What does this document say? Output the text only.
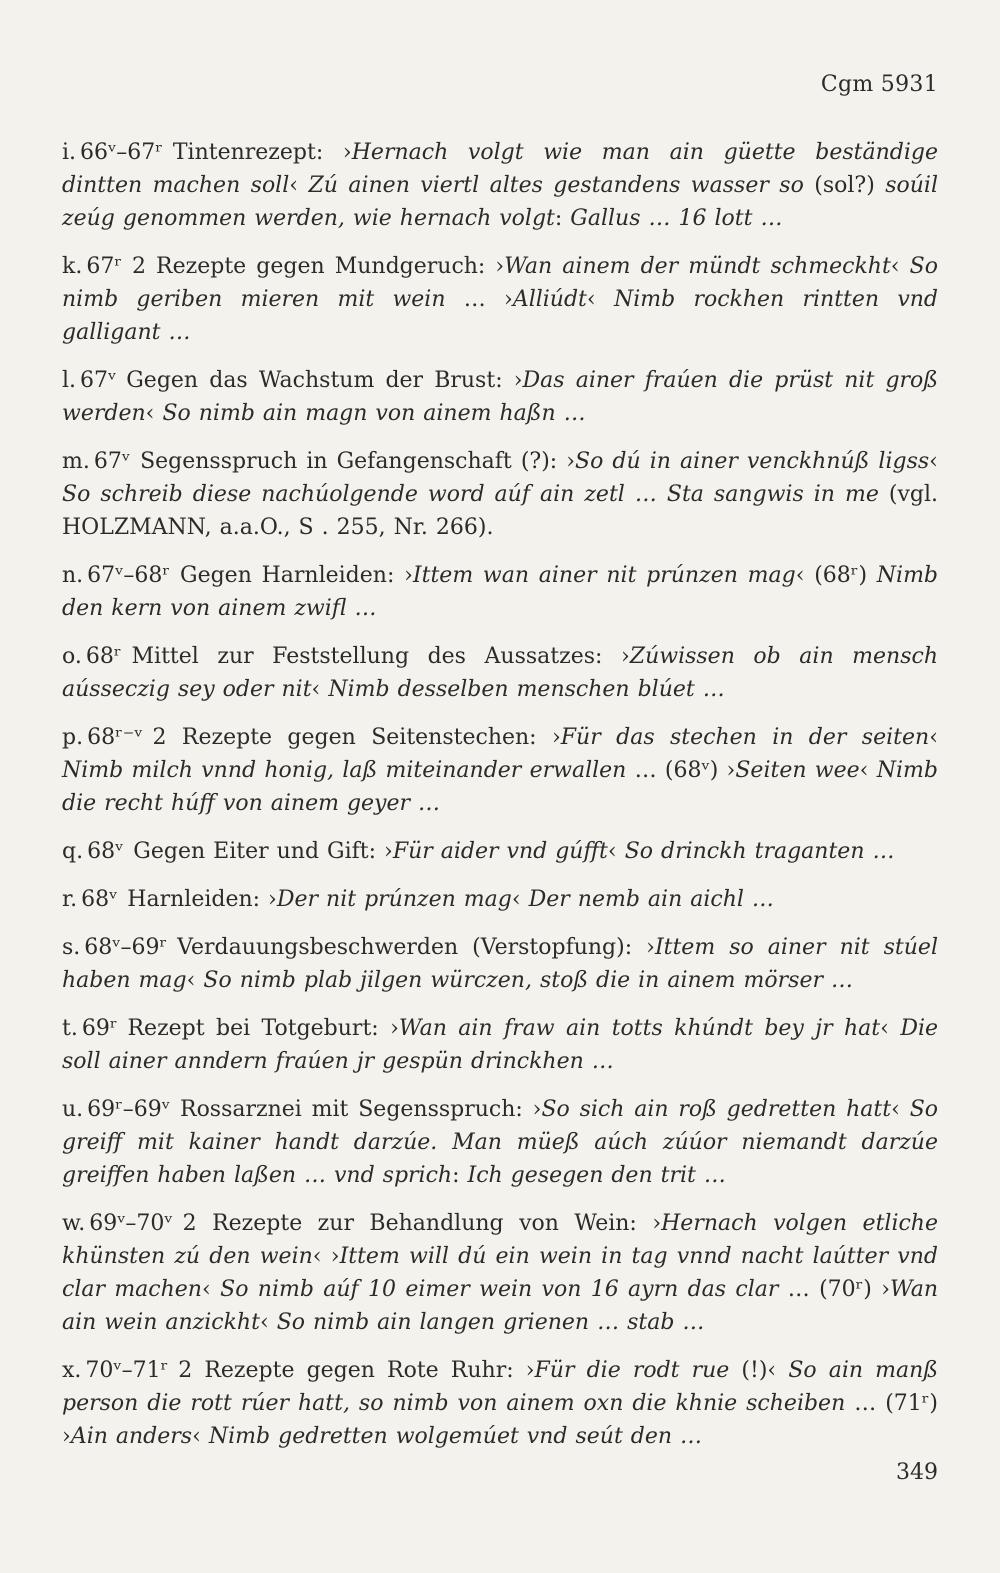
Cgm 5931

i. 66ᵛ–67ʳ Tintenrezept: ›Hernach volgt wie man ain güette beständige dintten machen soll‹ Zú ainen viertl altes gestandens wasser so (sol?) soúil zeúg genommen werden, wie hernach volgt: Gallus … 16 lott …

k. 67ʳ 2 Rezepte gegen Mundgeruch: ›Wan ainem der mündt schmeckht‹ So nimb geriben mieren mit wein … ›Alliúdt‹ Nimb rockhen rintten vnd galligant …

l. 67ᵛ Gegen das Wachstum der Brust: ›Das ainer fraúen die prüst nit groß werden‹ So nimb ain magn von ainem haßn …

m. 67ᵛ Segensspruch in Gefangenschaft (?): ›So dú in ainer venckhnúß ligss‹ So schreib diese nachúolgende word aúf ain zetl … Sta sangwis in me (vgl. HOLZMANN, a.a.O., S . 255, Nr. 266).

n. 67ᵛ–68ʳ Gegen Harnleiden: ›Ittem wan ainer nit prúnzen mag‹ (68ʳ) Nimb den kern von ainem zwifl …

o. 68ʳ Mittel zur Feststellung des Aussatzes: ›Zúwissen ob ain mensch aússeczig sey oder nit‹ Nimb desselben menschen blúet …

p. 68ʳ⁻ᵛ 2 Rezepte gegen Seitenstechen: ›Für das stechen in der seiten‹ Nimb milch vnnd honig, laß miteinander erwallen … (68ᵛ) ›Seiten wee‹ Nimb die recht húff von ainem geyer …

q. 68ᵛ Gegen Eiter und Gift: ›Für aider vnd gúfft‹ So drinckh traganten …

r. 68ᵛ Harnleiden: ›Der nit prúnzen mag‹ Der nemb ain aichl …

s. 68ᵛ–69ʳ Verdauungsbeschwerden (Verstopfung): ›Ittem so ainer nit stúel haben mag‹ So nimb plab jilgen würczen, stoß die in ainem mörser …

t. 69ʳ Rezept bei Totgeburt: ›Wan ain fraw ain totts khúndt bey jr hat‹ Die soll ainer anndern fraúen jr gespün drinckhen …

u. 69ʳ–69ᵛ Rossarznei mit Segensspruch: ›So sich ain roß gedretten hatt‹ So greiff mit kainer handt darzúe. Man müeß aúch zúúor niemandt darzúe greiffen haben laßen … vnd sprich: Ich gesegen den trit …

w. 69ᵛ–70ᵛ 2 Rezepte zur Behandlung von Wein: ›Hernach volgen etliche khünsten zú den wein‹ ›Ittem will dú ein wein in tag vnnd nacht laútter vnd clar machen‹ So nimb aúf 10 eimer wein von 16 ayrn das clar … (70ʳ) ›Wan ain wein anzickht‹ So nimb ain langen grienen … stab …

x. 70ᵛ–71ʳ 2 Rezepte gegen Rote Ruhr: ›Für die rodt rue (!)‹ So ain manß person die rott rúer hatt, so nimb von ainem oxn die khnie scheiben … (71ʳ) ›Ain anders‹ Nimb gedretten wolgemúet vnd seút den …

349
